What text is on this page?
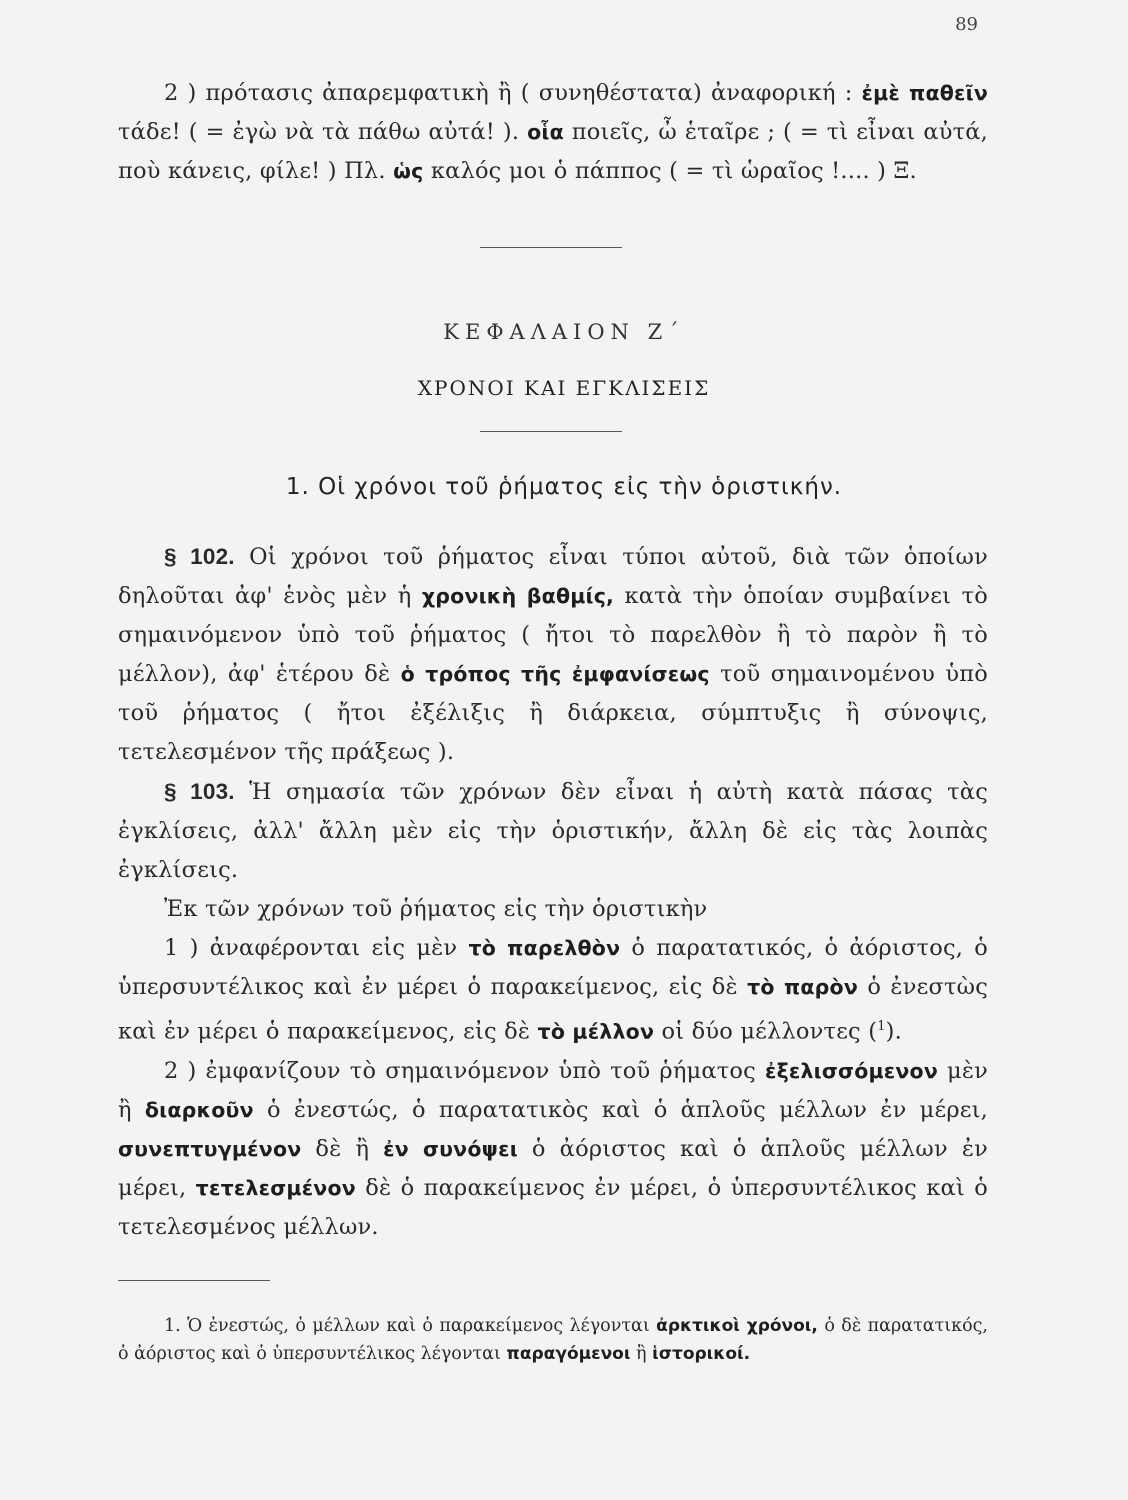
89

2 ) πρότασις ἀπαρεμφατικὴ ἢ ( συνηθέστατα) ἀναφορική : ἐμὲ παθεῖν τάδε! ( = ἐγὼ νὰ τὰ πάθω αὐτά! ). οἷα ποιεῖς, ὦ ἑταῖρε ; ( = τὶ εἶναι αὐτά, ποὺ κάνεις, φίλε! ) Πλ. ὡς καλός μοι ὁ πάππος ( = τὶ ὡραῖος !.... ) Ξ.

ΚΕΦΑΛΑΙΟΝ Ζ΄
ΧΡΟΝΟΙ ΚΑΙ ΕΓΚΛΙΣΕΙΣ
1. Οἱ χρόνοι τοῦ ῥήματος εἰς τὴν ὁριστικήν.

§ 102. Οἱ χρόνοι τοῦ ῥήματος εἶναι τύποι αὐτοῦ, διὰ τῶν ὁποίων δηλοῦται ἀφ' ἑνὸς μὲν ἡ χρονικὴ βαθμίς, κατὰ τὴν ὁποίαν συμβαίνει τὸ σημαινόμενον ὑπὸ τοῦ ῥήματος ( ἤτοι τὸ παρελθὸν ἢ τὸ παρὸν ἢ τὸ μέλλον), ἀφ' ἑτέρου δὲ ὁ τρόπος τῆς ἐμφανίσεως τοῦ σημαινομένου ὑπὸ τοῦ ῥήματος ( ἤτοι ἐξέλιξις ἢ διάρκεια, σύμπτυξις ἢ σύνοψις, τετελεσμένον τῆς πράξεως ).

§ 103. Ἡ σημασία τῶν χρόνων δὲν εἶναι ἡ αὐτὴ κατὰ πάσας τὰς ἐγκλίσεις, ἀλλ' ἄλλη μὲν εἰς τὴν ὁριστικήν, ἄλλη δὲ εἰς τὰς λοιπὰς ἐγκλίσεις.

Ἐκ τῶν χρόνων τοῦ ῥήματος εἰς τὴν ὁριστικὴν

1 ) ἀναφέρονται εἰς μὲν τὸ παρελθὸν ὁ παρατατικός, ὁ ἀόριστος, ὁ ὑπερσυντέλικος καὶ ἐν μέρει ὁ παρακείμενος, εἰς δὲ τὸ παρὸν ὁ ἐνεστὼς καὶ ἐν μέρει ὁ παρακείμενος, εἰς δὲ τὸ μέλλον οἱ δύο μέλλοντες ($^1$).

2 ) ἐμφανίζουν τὸ σημαινόμενον ὑπὸ τοῦ ῥήματος ἐξελισσόμενον μὲν ἢ διαρκοῦν ὁ ἐνεστώς, ὁ παρατατικὸς καὶ ὁ ἁπλοῦς μέλλων ἐν μέρει, συνεπτυγμένον δὲ ἢ ἐν συνόψει ὁ ἀόριστος καὶ ὁ ἁπλοῦς μέλλων ἐν μέρει, τετελεσμένον δὲ ὁ παρακείμενος ἐν μέρει, ὁ ὑπερσυντέλικος καὶ ὁ τετελεσμένος μέλλων.

1. Ὁ ἐνεστώς, ὁ μέλλων καὶ ὁ παρακείμενος λέγονται ἀρκτικοὶ χρόνοι, ὁ δὲ παρατατικός, ὁ ἀόριστος καὶ ὁ ὑπερσυντέλικος λέγονται παραγόμενοι ἢ ἱστορικοί.
